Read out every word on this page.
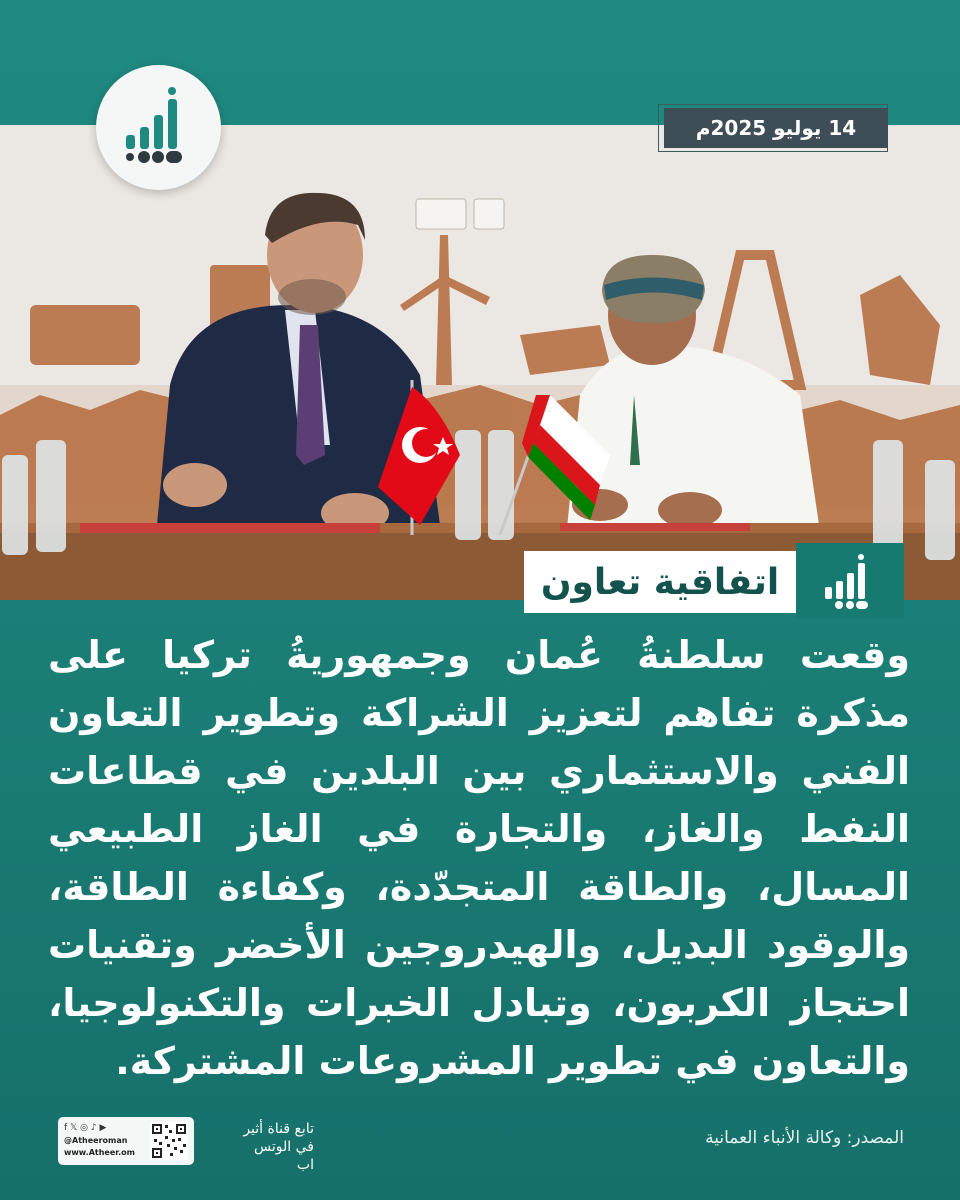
14 يوليو 2025م
اتفاقية تعاون
وقعت سلطنةُ عُمان وجمهوريةُ تركيا على مذكرة تفاهم لتعزيز الشراكة وتطوير التعاون الفني والاستثماري بين البلدين في قطاعات النفط والغاز، والتجارة في الغاز الطبيعي المسال، والطاقة المتجدّدة، وكفاءة الطاقة، والوقود البديل، والهيدروجين الأخضر وتقنيات احتجاز الكربون، وتبادل الخبرات والتكنولوجيا، والتعاون في تطوير المشروعات المشتركة.
f 𝕏 ◎ ♪ ▶
@Atheeroman
www.Atheer.om
تابع قناة أثير
في الوتس اب
المصدر: وكالة الأنباء العمانية
